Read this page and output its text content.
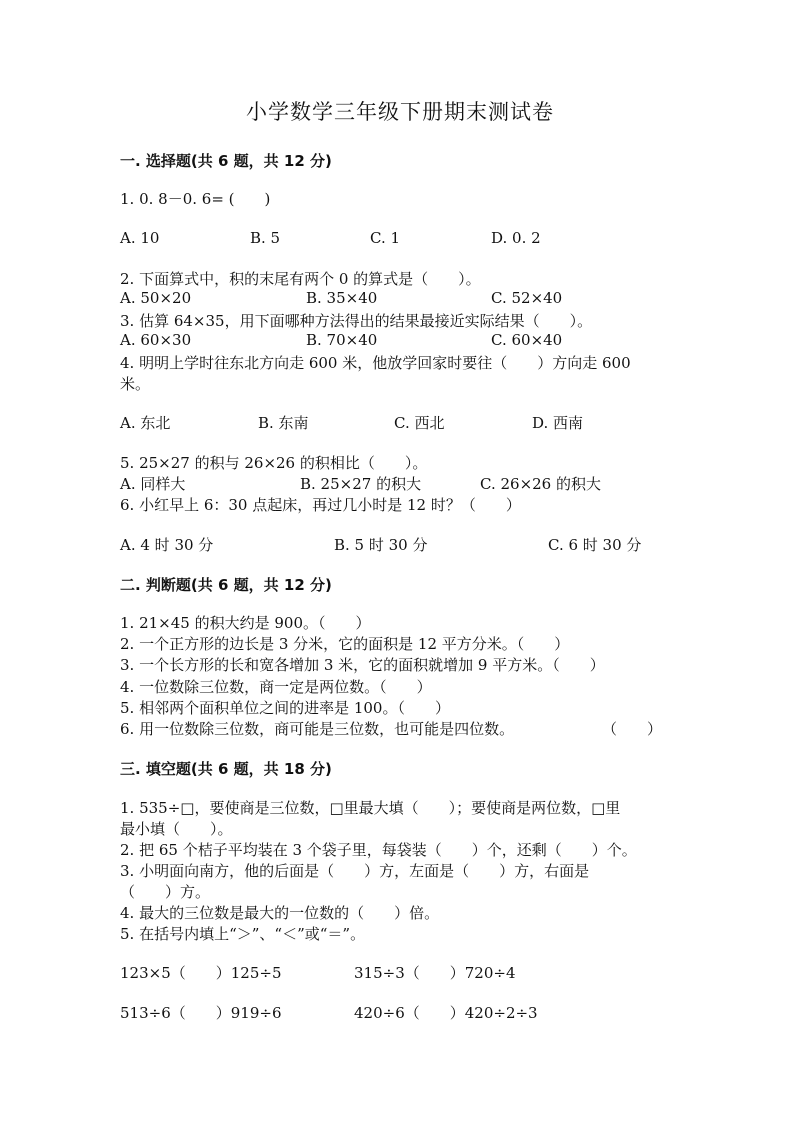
小学数学三年级下册期末测试卷
一. 选择题(共 6 题，共 12 分)
1. 0. 8－0. 6= (　　)
A. 10	B. 5	C. 1	D. 0. 2
2. 下面算式中，积的末尾有两个 0 的算式是（　　）。
A. 50×20	B. 35×40	C. 52×40
3. 估算 64×35，用下面哪种方法得出的结果最接近实际结果（　　）。
A. 60×30	B. 70×40	C. 60×40
4. 明明上学时往东北方向走 600 米，他放学回家时要往（　　）方向走 600
米。
A. 东北	B. 东南	C. 西北	D. 西南
5. 25×27 的积与 26×26 的积相比（　　）。
A. 同样大	B. 25×27 的积大	C. 26×26 的积大
6. 小红早上 6：30 点起床，再过几小时是 12 时？（　　）
A. 4 时 30 分	B. 5 时 30 分	C. 6 时 30 分
二. 判断题(共 6 题，共 12 分)
1. 21×45 的积大约是 900。（　　）
2. 一个正方形的边长是 3 分米，它的面积是 12 平方分米。（　　）
3. 一个长方形的长和宽各增加 3 米，它的面积就增加 9 平方米。（　　）
4. 一位数除三位数，商一定是两位数。（　　）
5. 相邻两个面积单位之间的进率是 100。（　　）
6. 用一位数除三位数，商可能是三位数，也可能是四位数。	（　　）
三. 填空题(共 6 题，共 18 分)
1. 535÷□，要使商是三位数，□里最大填（　　）；要使商是两位数，□里
最小填（　　）。
2. 把 65 个桔子平均装在 3 个袋子里，每袋装（　　）个，还剩（　　）个。
3. 小明面向南方，他的后面是（　　）方，左面是（　　）方，右面是
（　　）方。
4. 最大的三位数是最大的一位数的（　　）倍。
5. 在括号内填上“＞”、“＜”或“＝”。
123×5（　　）125÷5	315÷3（　　）720÷4
513÷6（　　）919÷6	420÷6（　　）420÷2÷3
